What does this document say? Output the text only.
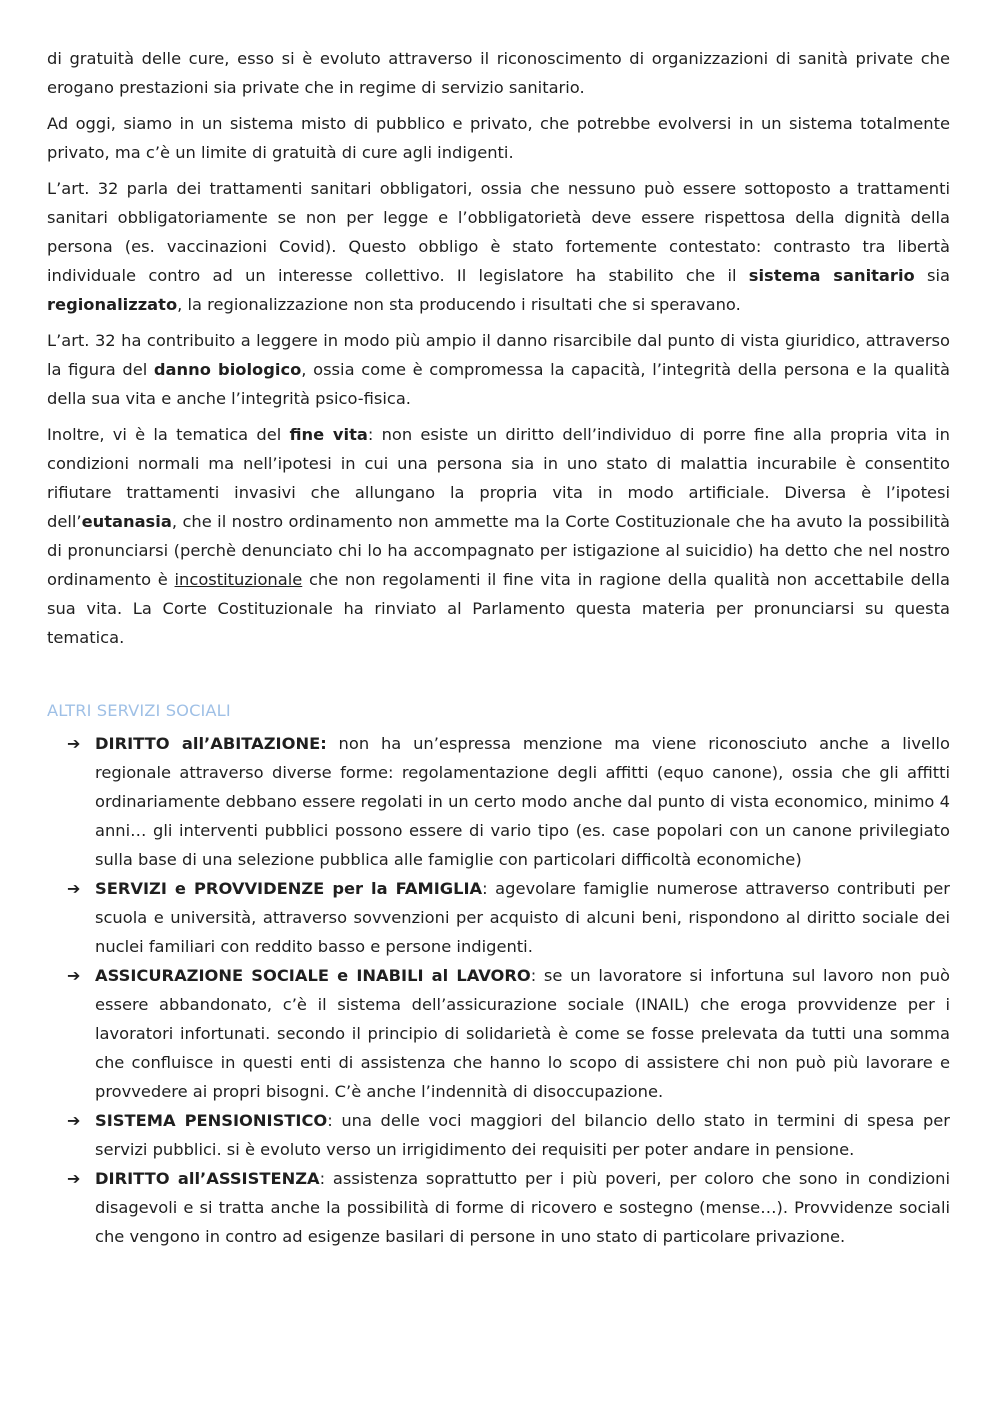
di gratuità delle cure, esso si è evoluto attraverso il riconoscimento di organizzazioni di sanità private che erogano prestazioni sia private che in regime di servizio sanitario.

Ad oggi, siamo in un sistema misto di pubblico e privato, che potrebbe evolversi in un sistema totalmente privato, ma c’è un limite di gratuità di cure agli indigenti.

L’art. 32 parla dei trattamenti sanitari obbligatori, ossia che nessuno può essere sottoposto a trattamenti sanitari obbligatoriamente se non per legge e l’obbligatorietà deve essere rispettosa della dignità della persona (es. vaccinazioni Covid). Questo obbligo è stato fortemente contestato: contrasto tra libertà individuale contro ad un interesse collettivo. Il legislatore ha stabilito che il sistema sanitario sia regionalizzato, la regionalizzazione non sta producendo i risultati che si speravano.

L’art. 32 ha contribuito a leggere in modo più ampio il danno risarcibile dal punto di vista giuridico, attraverso la figura del danno biologico, ossia come è compromessa la capacità, l’integrità della persona e la qualità della sua vita e anche l’integrità psico-fisica.

Inoltre, vi è la tematica del fine vita: non esiste un diritto dell’individuo di porre fine alla propria vita in condizioni normali ma nell’ipotesi in cui una persona sia in uno stato di malattia incurabile è consentito rifiutare trattamenti invasivi che allungano la propria vita in modo artificiale. Diversa è l’ipotesi dell’eutanasia, che il nostro ordinamento non ammette ma la Corte Costituzionale che ha avuto la possibilità di pronunciarsi (perchè denunciato chi lo ha accompagnato per istigazione al suicidio) ha detto che nel nostro ordinamento è incostituzionale che non regolamenti il fine vita in ragione della qualità non accettabile della sua vita. La Corte Costituzionale ha rinviato al Parlamento questa materia per pronunciarsi su questa tematica.

ALTRI SERVIZI SOCIALI
➔ DIRITTO all’ABITAZIONE: non ha un’espressa menzione ma viene riconosciuto anche a livello regionale attraverso diverse forme: regolamentazione degli affitti (equo canone), ossia che gli affitti ordinariamente debbano essere regolati in un certo modo anche dal punto di vista economico, minimo 4 anni… gli interventi pubblici possono essere di vario tipo (es. case popolari con un canone privilegiato sulla base di una selezione pubblica alle famiglie con particolari difficoltà economiche)
➔ SERVIZI e PROVVIDENZE per la FAMIGLIA: agevolare famiglie numerose attraverso contributi per scuola e università, attraverso sovvenzioni per acquisto di alcuni beni, rispondono al diritto sociale dei nuclei familiari con reddito basso e persone indigenti.
➔ ASSICURAZIONE SOCIALE e INABILI al LAVORO: se un lavoratore si infortuna sul lavoro non può essere abbandonato, c’è il sistema dell’assicurazione sociale (INAIL) che eroga provvidenze per i lavoratori infortunati. secondo il principio di solidarietà è come se fosse prelevata da tutti una somma che confluisce in questi enti di assistenza che hanno lo scopo di assistere chi non può più lavorare e provvedere ai propri bisogni. C’è anche l’indennità di disoccupazione.
➔ SISTEMA PENSIONISTICO: una delle voci maggiori del bilancio dello stato in termini di spesa per servizi pubblici. si è evoluto verso un irrigidimento dei requisiti per poter andare in pensione.
➔ DIRITTO all’ASSISTENZA: assistenza soprattutto per i più poveri, per coloro che sono in condizioni disagevoli e si tratta anche la possibilità di forme di ricovero e sostegno (mense…). Provvidenze sociali che vengono in contro ad esigenze basilari di persone in uno stato di particolare privazione.
